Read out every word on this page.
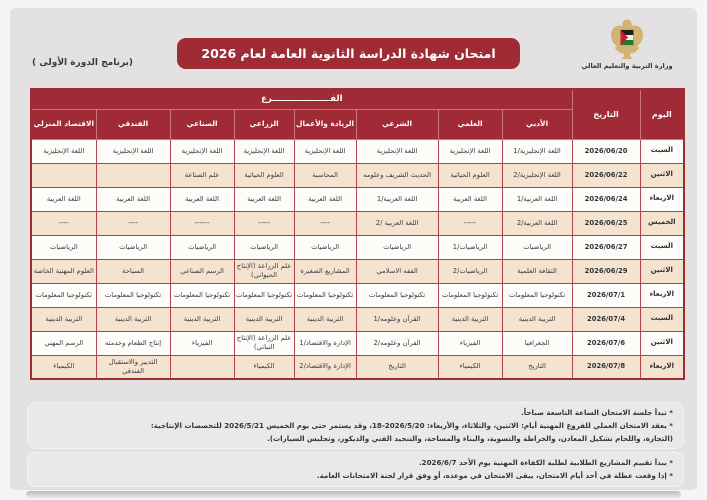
وزارة التربية والتعليم العالي
امتحان شهادة الدراسة الثانوية العامة لعام 2026
(برنامج الدورة الأولى )
اليوم	التاريخ	الفــــــــــــــــــــرع							
		الأدبي	العلمي	الشرعي	الريادة والأعمال	الزراعي	الصناعي	الفندقي	الاقتصاد المنزلي
السبت	2026/06/20	اللغة الإنجليزية/1	اللغة الإنجليزية	اللغة الإنجليزية	اللغة الإنجليزية	اللغة الإنجليزية	اللغة الإنجليزية	اللغة الإنجليزية	اللغة الإنجليزية
الاثنين	2026/06/22	اللغة الإنجليزية/2	العلوم الحياتية	الحديث الشريف وعلومه	المحاسبة	العلوم الحياتية	علم الصناعة		
الاربعاء	2026/06/24	اللغة العربية/1	اللغة العربية	اللغة العربية/1	اللغة العربية	اللغة العربية	اللغة العربية	اللغة العربية	اللغة العربية
الخميس	2026/06/25	اللغة العربية/2	-----	اللغة العربية /2	----	-----	------	----	----
السبت	2026/06/27	الرياضيات	الرياضيات/1	الرياضيات	الرياضيات	الرياضيات	الرياضيات	الرياضيات	الرياضيات
الاثنين	2026/06/29	الثقافة العلمية	الرياضيات/2	الفقه الاسلامي	المشاريع الصغيرة	علم الزراعة (الإنتاج الحيواني)	الرسم الصناعي	السياحة	العلوم المهنية الخاصة
الاربعاء	2026/07/1	تكنولوجيا المعلومات	تكنولوجيا المعلومات	تكنولوجيا المعلومات	تكنولوجيا المعلومات	تكنولوجيا المعلومات	تكنولوجيا المعلومات	تكنولوجيا المعلومات	تكنولوجيا المعلومات
السبت	2026/07/4	التربية الدينية	التربية الدينية	القرآن وعلومه/1	التربية الدينية	التربية الدينية	التربية الدينية	التربية الدينية	التربية الدينية
الاثنين	2026/07/6	الجغرافيا	الفيزياء	القرآن وعلومه/2	الإدارة والاقتصاد/1	علم الزراعة (الإنتاج النباتي)	الفيزياء	إنتاج الطعام وخدمته	الرسم المهني
الاربعاء	2026/07/8	التاريخ	الكيمياء	التاريخ	الإدارة والاقتصاد/2	الكيمياء		التدبير والاستقبال الفندقي	الكيمياء
* تبدأ جلسة الامتحان الساعة التاسعة صباحاً.
* يعقد الامتحان العملي للفروع المهنية أيام: الاثنين، والثلاثاء، والأربعاء: 2026/5/20-18، وقد يستمر حتى يوم الخميس 2026/5/21 للتخصصات الإنتاجية:
(التجارة، واللحام تشكيل المعادن، والخراطة والتسوية، والبناء والمساحة، والتنجيد الفني والديكور، وتجليس السيارات).
* يبدأ تقييم المشاريع الطلابية لطلبة الكفاءة المهنية يوم الأحد 2026/6/7.
* إذا وقعت عطلة في أحد أيام الامتحان، يبقى الامتحان في موعده، أو وفق قرار لجنة الامتحانات العامة.
